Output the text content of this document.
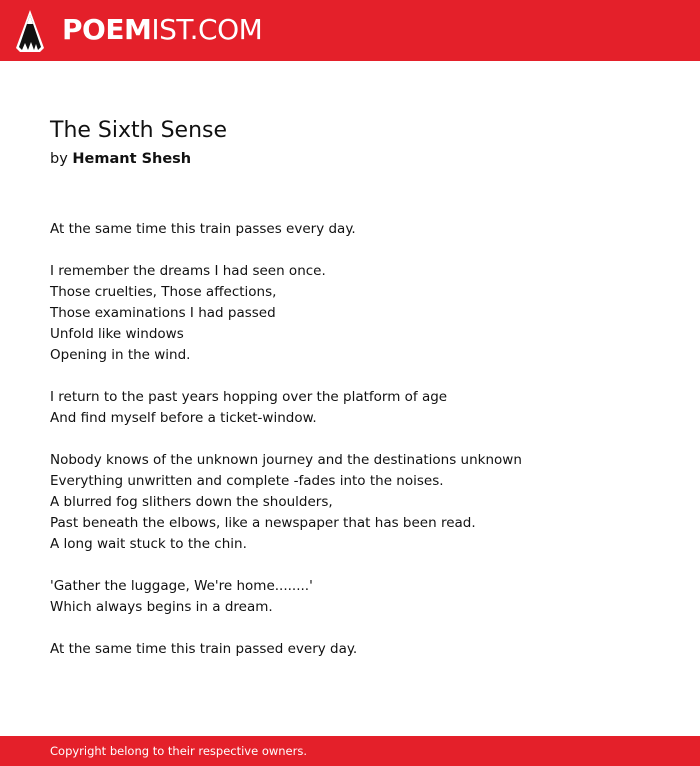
POEMIST.COM
The Sixth Sense
by Hemant Shesh
At the same time this train passes every day.
I remember the dreams I had seen once.
Those cruelties, Those affections,
Those examinations I had passed
Unfold like windows
Opening in the wind.
I return to the past years hopping over the platform of age
And find myself before a ticket-window.
Nobody knows of the unknown journey and the destinations unknown
Everything unwritten and complete -fades into the noises.
A blurred fog slithers down the shoulders,
Past beneath the elbows, like a newspaper that has been read.
A long wait stuck to the chin.
'Gather the luggage, We're home........'
Which always begins in a dream.
At the same time this train passed every day.
Copyright belong to their respective owners.
